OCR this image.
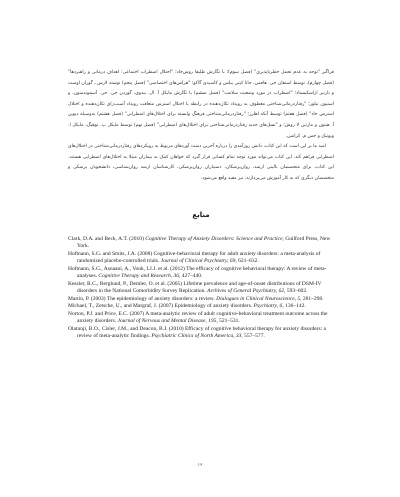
فراگیر "توجه به عدم تحمل خطرناپذیری" (فصل سوم)؛ با نگارش طلیقا روس‌جاد؛ "اختلال اضطراب اجتماعی: اهداف درمانی و راهبردها" (فصل چهارم)، توسط استفان جی. هافمن، جانا کیتی بیلس و کاسیدی گاکو؛ "هراس‌های اختصاصی" (فصل پنجم) نوشته لارس ـ گوران اوست و تارنیر ازاشکیستاد؛ "اضطراب در مورد وضعیت سلامت" (فصل ششم) با نگارش مایکل آ. ال. بیدوی، گوردن جی. جی. آسموندسون، و استیون تیلور؛ "رفتاردرمانی‌شناختی معطوف به رویداد تکان‌دهنده در رابطه با اختلال استرس متعاقب رویداد آسیب‌زای تکان‌دهنده و اختلال استرس حاد" (فصل هفتم) توسط آنکه اهلرز؛ "رفتاردرمانی‌شناختی فرهنگ وابسته برای اختلال‌های اضطرابی" (فصل هشتم) به‌وسیله دیوین آ. هیتون و مارتین لا روش؛ و "نسل‌های جدید رفتاردرمانی‌شناختی برای اختلال‌های اضطرابی" (فصل نهم) توسط مایکل پ. توهیگ، مایکل ا. ویونیک و جس م. کرانس.

امید ما بر این است که این کتاب، دانش روزآمدی را درباره آخرین دست آوردهای مربوط به رویکردهای رفتاردرمانی‌شناختی در اختلال‌های اضطرابی فراهم کند. این کتاب می‌تواند مورد توجه تمام کسانی قرار گیرد که خواهان کمک به بیماران مبتلا به اختلال‌های اضطرابی هستند. این کتاب، برای متخصصان بالینی ارشد، روان‌پزشکان، دستیاران روان‌پزشکی، کارشناسان ارشد روان‌شناسی، دانشجویان پزشکی و متخصصان دیگری که به کار آموزش می‌پردازند، نیز مفید واقع می‌شود.

منابع
Clark, D.A. and Beck, A.T. (2010) Cognitive Therapy of Anxiety Disorders: Science and Practice, Guilford Press, New York.
Hofmann, S.G. and Smits, J.A. (2008) Cognitive-behavioral therapy for adult anxiety disorders: a meta-analysis of randomized placebo-controlled trials. Journal of Clinical Psychiatry, 69, 621–632.
Hofmann, S.G., Asnaani, A., Vonk, I.J.J. et al. (2012) The efficacy of cognitive behavioral therapy: A review of meta-analyses. Cognitive Therapy and Research, 36, 427–440.
Kessler, R.C., Berglund, P., Demler, O. et al. (2005) Lifetime prevalence and age-of-onset distributions of DSM-IV disorders in the National Comorbidity Survey Replication. Archives of General Psychiatry, 62, 593–602.
Martin, P. (2003) The epidemiology of anxiety disorders: a review. Dialogues in Clinical Neuroscience, 5, 281–298.
Michael, T., Zetsche, U., and Margraf, J. (2007) Epidemiology of anxiety disorders. Psychiatry, 6, 136–142.
Norton, P.J. and Price, E.C. (2007) A meta-analytic review of adult cognitive-behavioral treatment outcome across the anxiety disorders. Journal of Nervous and Mental Disease, 195, 521–531.
Olatunji, B.O., Cisler, J.M., and Deacon, B.J. (2010) Efficacy of cognitive behavioral therapy for anxiety disorders: a review of meta-analytic findings. Psychiatric Clinics of North America, 33, 557–577.
۱۶
